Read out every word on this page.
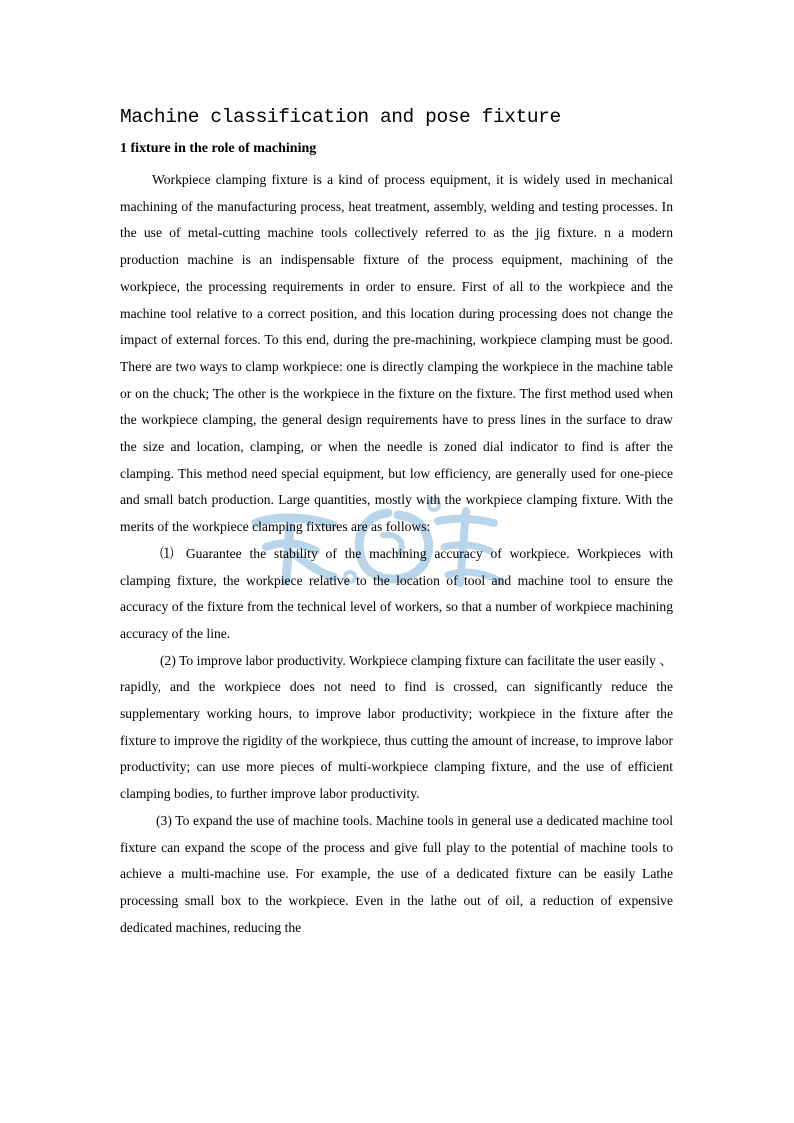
Machine classification and pose fixture
1 fixture in the role of machining

Workpiece clamping fixture is a kind of process equipment, it is widely used in mechanical machining of the manufacturing process, heat treatment, assembly, welding and testing processes. In the use of metal-cutting machine tools collectively referred to as the jig fixture. n a modern production machine is an indispensable fixture of the process equipment, machining of the workpiece, the processing requirements in order to ensure. First of all to the workpiece and the machine tool relative to a correct position, and this location during processing does not change the impact of external forces. To this end, during the pre-machining, workpiece clamping must be good. There are two ways to clamp workpiece: one is directly clamping the workpiece in the machine table or on the chuck; The other is the workpiece in the fixture on the fixture. The first method used when the workpiece clamping, the general design requirements have to press lines in the surface to draw the size and location, clamping, or when the needle is zoned dial indicator to find is after the clamping. This method need special equipment, but low efficiency, are generally used for one-piece and small batch production. Large quantities, mostly with the workpiece clamping fixture. With the merits of the workpiece clamping fixtures are as follows:

⑴ Guarantee the stability of the machining accuracy of workpiece. Workpieces with clamping fixture, the workpiece relative to the location of tool and machine tool to ensure the accuracy of the fixture from the technical level of workers, so that a number of workpiece machining accuracy of the line.

(2) To improve labor productivity. Workpiece clamping fixture can facilitate the user easily 、rapidly, and the workpiece does not need to find is crossed, can significantly reduce the supplementary working hours, to improve labor productivity; workpiece in the fixture after the fixture to improve the rigidity of the workpiece, thus cutting the amount of increase, to improve labor productivity; can use more pieces of multi-workpiece clamping fixture, and the use of efficient clamping bodies, to further improve labor productivity.

(3) To expand the use of machine tools. Machine tools in general use a dedicated machine tool fixture can expand the scope of the process and give full play to the potential of machine tools to achieve a multi-machine use. For example, the use of a dedicated fixture can be easily Lathe processing small box to the workpiece. Even in the lathe out of oil, a reduction of expensive dedicated machines, reducing the
